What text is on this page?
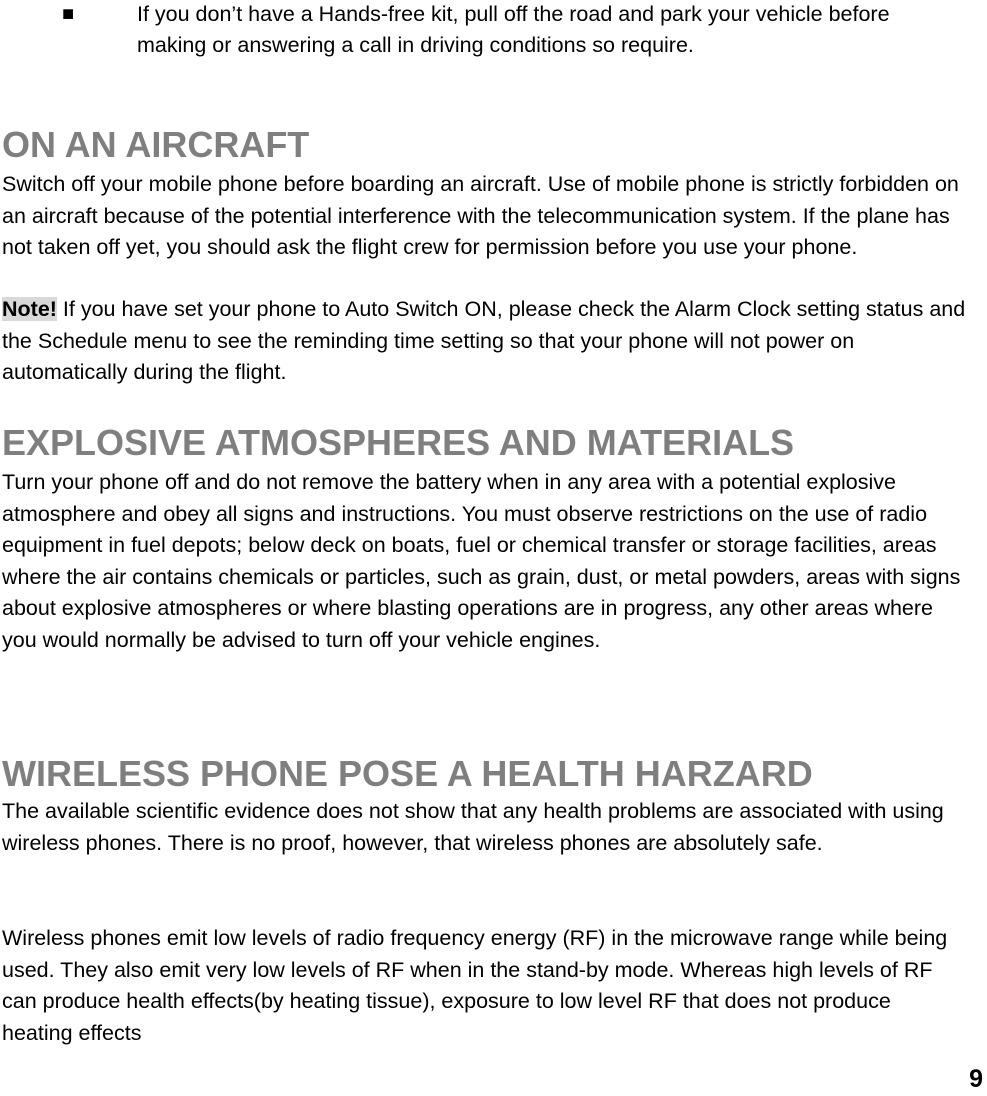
■	If you don’t have a Hands-free kit, pull off the road and park your vehicle before making or answering a call in driving conditions so require.
ON AN AIRCRAFT
Switch off your mobile phone before boarding an aircraft. Use of mobile phone is strictly forbidden on an aircraft because of the potential interference with the telecommunication system. If the plane has not taken off yet, you should ask the flight crew for permission before you use your phone.
Note! If you have set your phone to Auto Switch ON, please check the Alarm Clock setting status and the Schedule menu to see the reminding time setting so that your phone will not power on automatically during the flight.
EXPLOSIVE ATMOSPHERES AND MATERIALS
Turn your phone off and do not remove the battery when in any area with a potential explosive atmosphere and obey all signs and instructions. You must observe restrictions on the use of radio equipment in fuel depots; below deck on boats, fuel or chemical transfer or storage facilities, areas where the air contains chemicals or particles, such as grain, dust, or metal powders, areas with signs about explosive atmospheres or where blasting operations are in progress, any other areas where you would normally be advised to turn off your vehicle engines.
WIRELESS PHONE POSE A HEALTH HARZARD
The available scientific evidence does not show that any health problems are associated with using wireless phones. There is no proof, however, that wireless phones are absolutely safe.
Wireless phones emit low levels of radio frequency energy (RF) in the microwave range while being used. They also emit very low levels of RF when in the stand-by mode. Whereas high levels of RF can produce health effects(by heating tissue), exposure to low level RF that does not produce heating effects
9
